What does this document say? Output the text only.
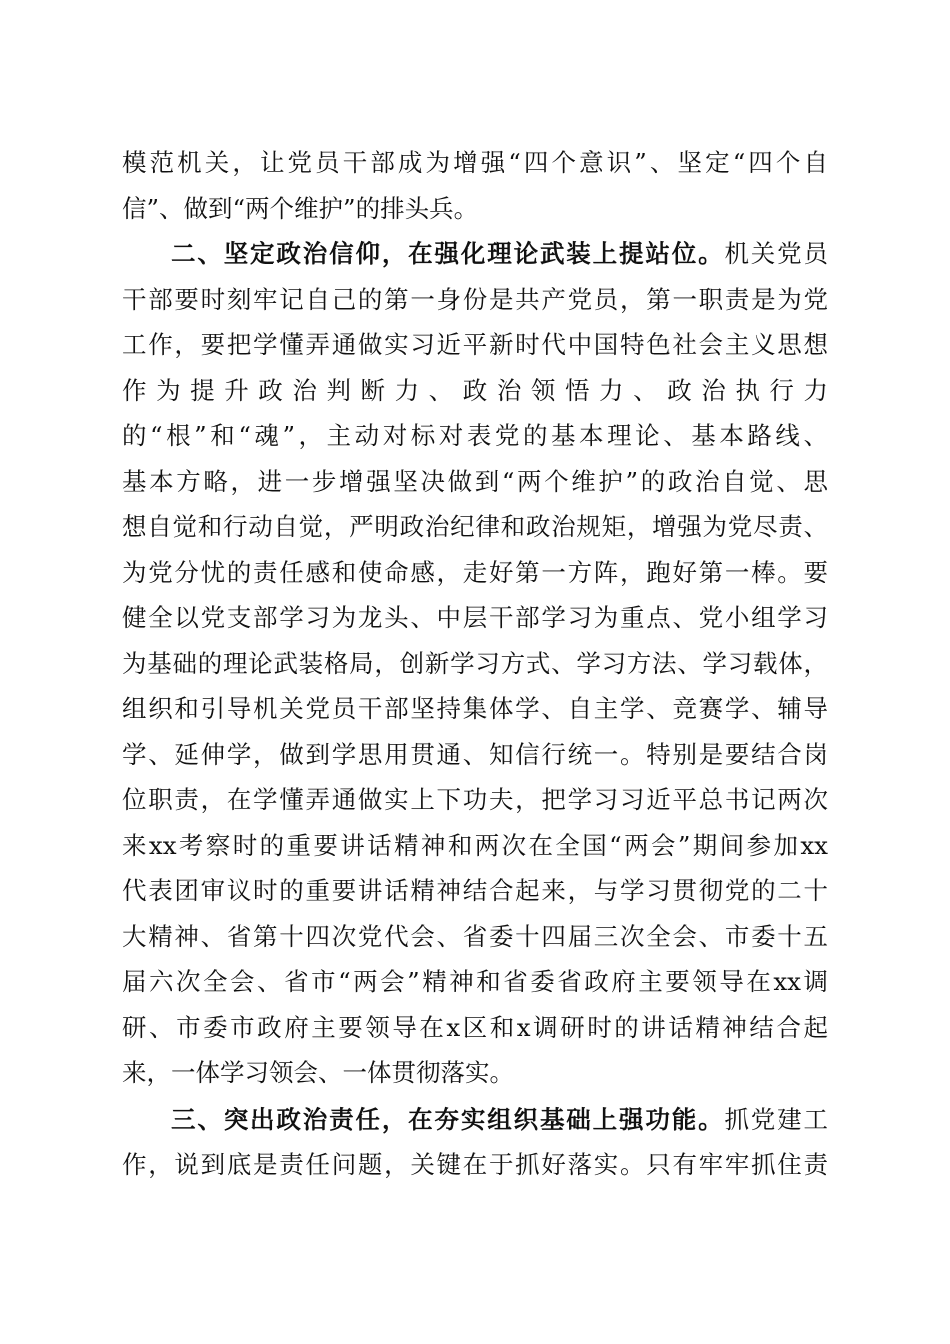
模范机关，让党员干部成为增强“四个意识”、坚定“四个自
信”、做到“两个维护”的排头兵。
二、坚定政治信仰，在强化理论武装上提站位。机关党员
干部要时刻牢记自己的第一身份是共产党员，第一职责是为党
工作，要把学懂弄通做实习近平新时代中国特色社会主义思想
作为提升政治判断力、政治领悟力、政治执行力
的“根”和“魂”，主动对标对表党的基本理论、基本路线、
基本方略，进一步增强坚决做到“两个维护”的政治自觉、思
想自觉和行动自觉，严明政治纪律和政治规矩，增强为党尽责、
为党分忧的责任感和使命感，走好第一方阵，跑好第一棒。要
健全以党支部学习为龙头、中层干部学习为重点、党小组学习
为基础的理论武装格局，创新学习方式、学习方法、学习载体，
组织和引导机关党员干部坚持集体学、自主学、竞赛学、辅导
学、延伸学，做到学思用贯通、知信行统一。特别是要结合岗
位职责，在学懂弄通做实上下功夫，把学习习近平总书记两次
来xx考察时的重要讲话精神和两次在全国“两会”期间参加xx
代表团审议时的重要讲话精神结合起来，与学习贯彻党的二十
大精神、省第十四次党代会、省委十四届三次全会、市委十五
届六次全会、省市“两会”精神和省委省政府主要领导在xx调
研、市委市政府主要领导在x区和x调研时的讲话精神结合起
来，一体学习领会、一体贯彻落实。
三、突出政治责任，在夯实组织基础上强功能。抓党建工
作，说到底是责任问题，关键在于抓好落实。只有牢牢抓住责
